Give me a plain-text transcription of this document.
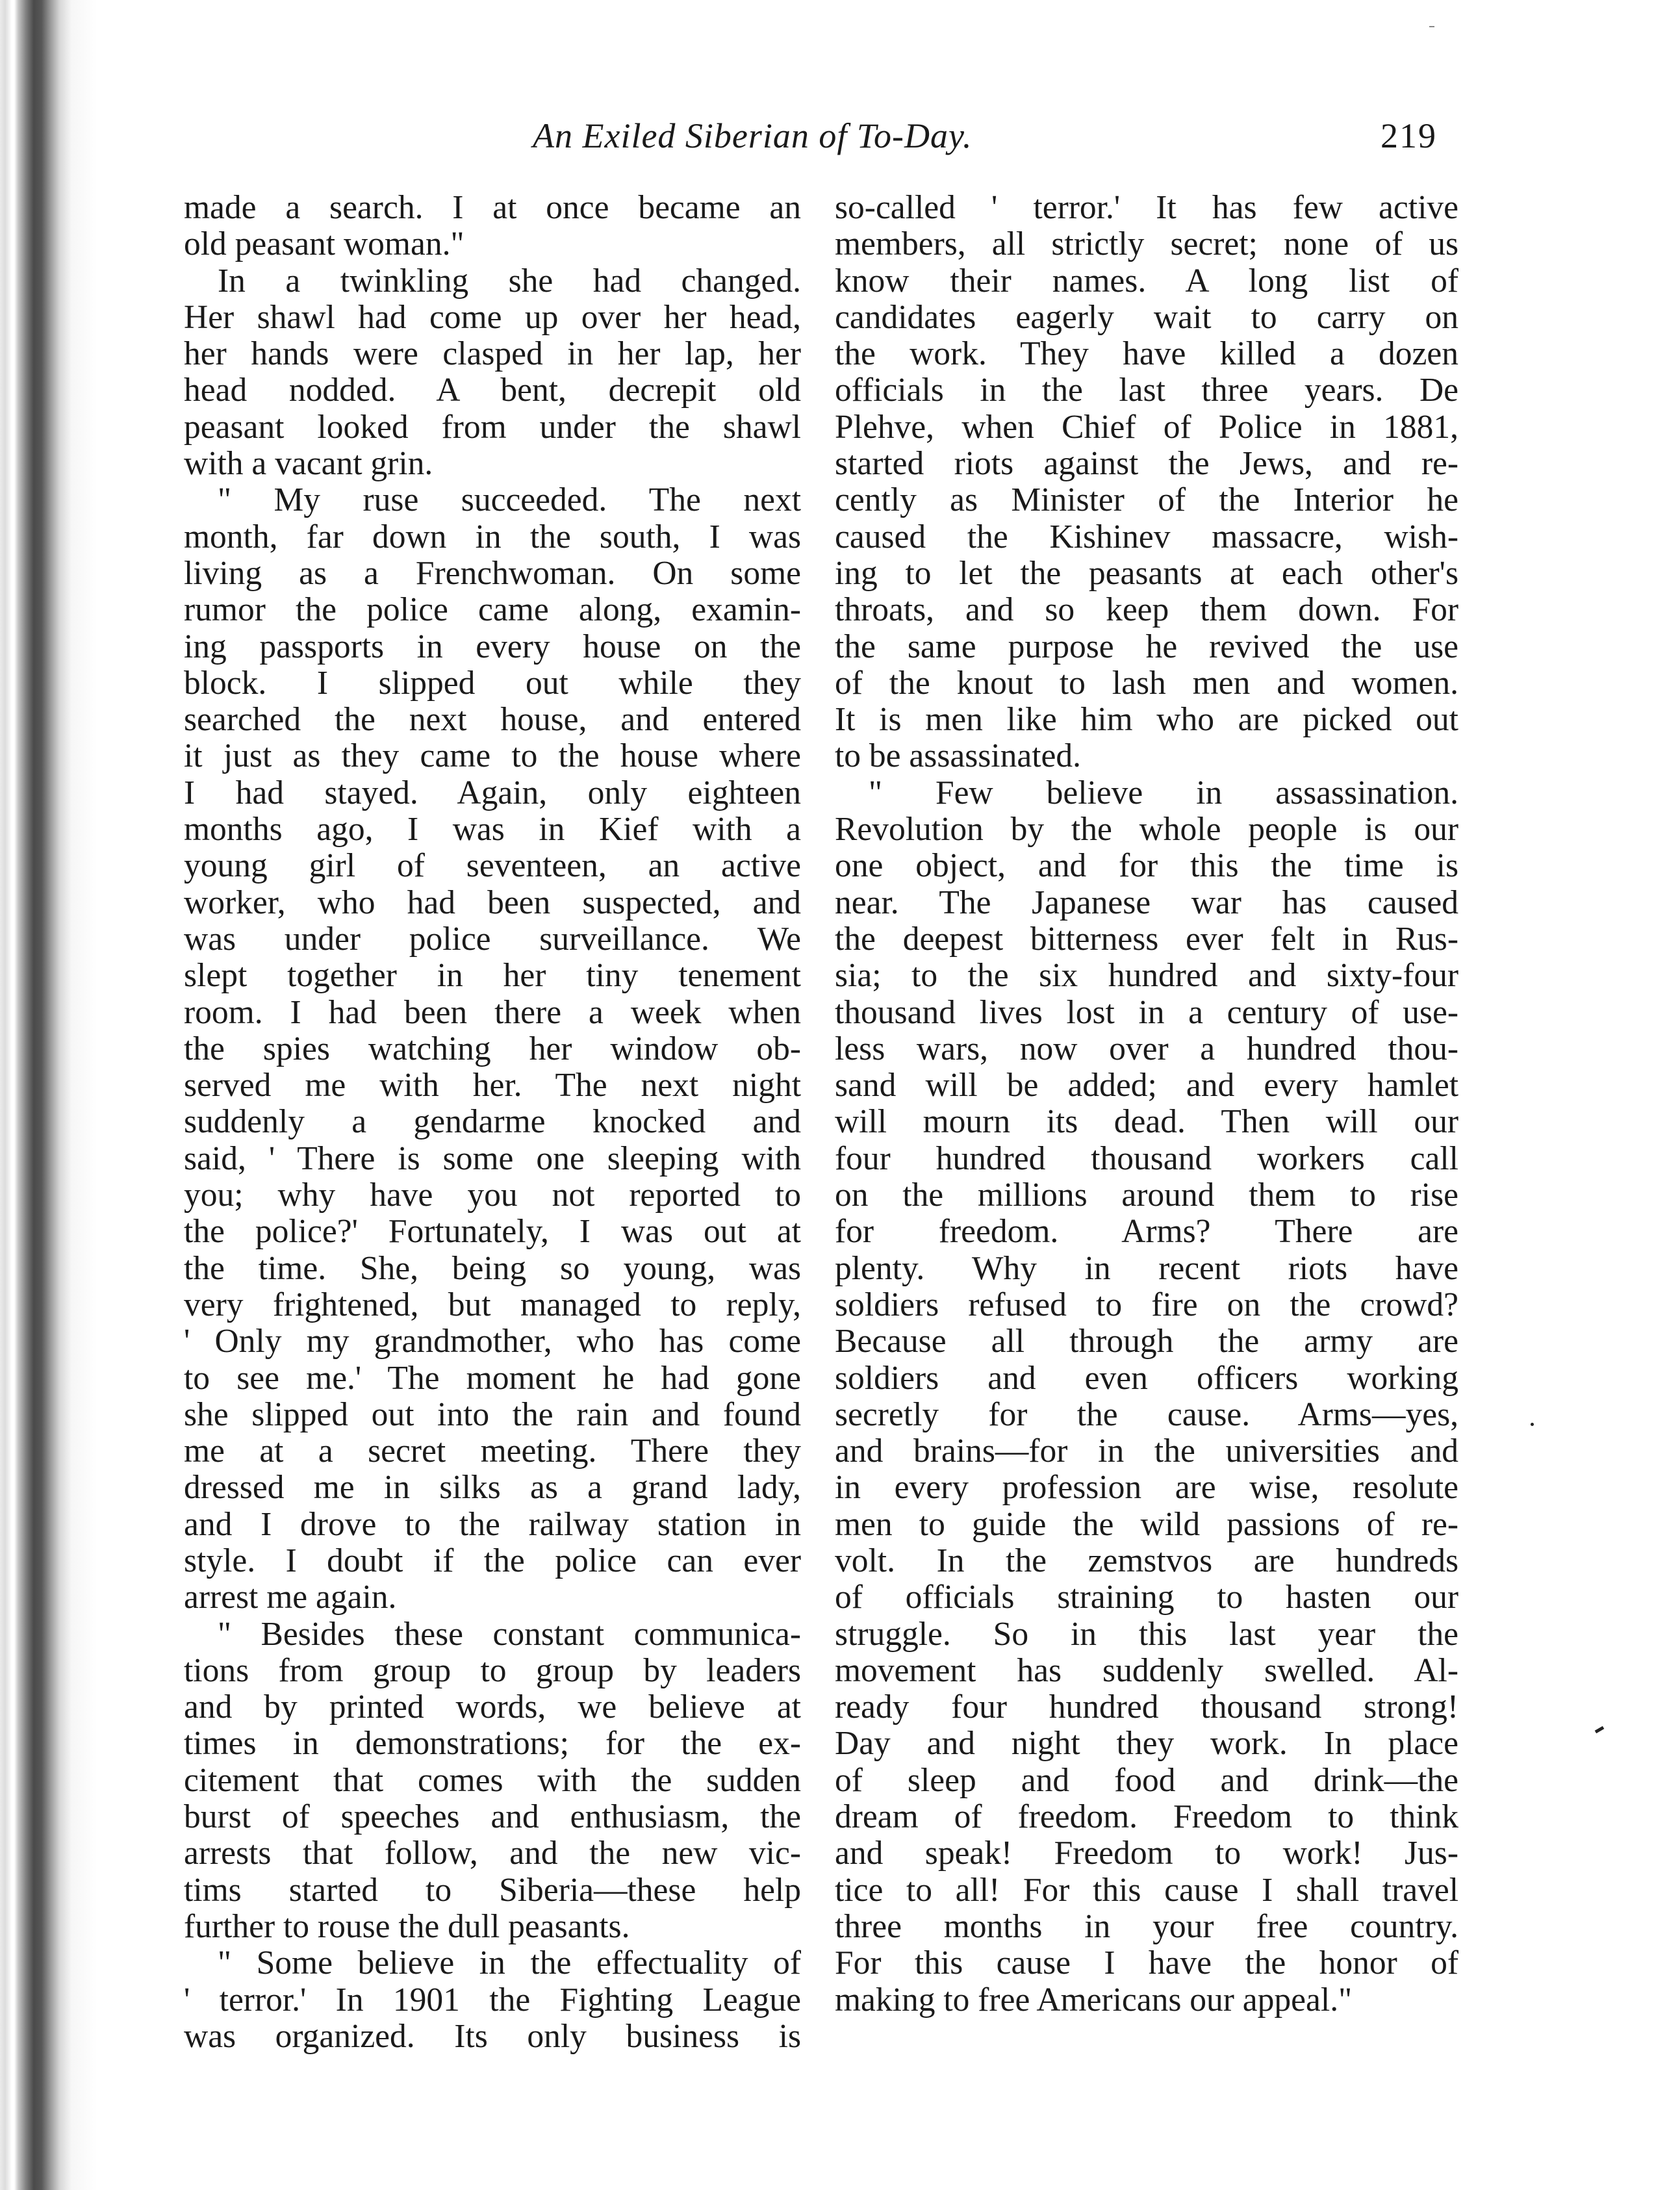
An Exiled Siberian of To-Day.	219
made a search. I at once became an
old peasant woman."
In a twinkling she had changed.
Her shawl had come up over her head,
her hands were clasped in her lap, her
head nodded. A bent, decrepit old
peasant looked from under the shawl
with a vacant grin.
" My ruse succeeded. The next
month, far down in the south, I was
living as a Frenchwoman. On some
rumor the police came along, examin-
ing passports in every house on the
block. I slipped out while they
searched the next house, and entered
it just as they came to the house where
I had stayed. Again, only eighteen
months ago, I was in Kief with a
young girl of seventeen, an active
worker, who had been suspected, and
was under police surveillance. We
slept together in her tiny tenement
room. I had been there a week when
the spies watching her window ob-
served me with her. The next night
suddenly a gendarme knocked and
said, ' There is some one sleeping with
you; why have you not reported to
the police?' Fortunately, I was out at
the time. She, being so young, was
very frightened, but managed to reply,
' Only my grandmother, who has come
to see me.' The moment he had gone
she slipped out into the rain and found
me at a secret meeting. There they
dressed me in silks as a grand lady,
and I drove to the railway station in
style. I doubt if the police can ever
arrest me again.
" Besides these constant communica-
tions from group to group by leaders
and by printed words, we believe at
times in demonstrations; for the ex-
citement that comes with the sudden
burst of speeches and enthusiasm, the
arrests that follow, and the new vic-
tims started to Siberia—these help
further to rouse the dull peasants.
" Some believe in the effectuality of
' terror.' In 1901 the Fighting League
was organized. Its only business is
so-called ' terror.' It has few active
members, all strictly secret; none of us
know their names. A long list of
candidates eagerly wait to carry on
the work. They have killed a dozen
officials in the last three years. De
Plehve, when Chief of Police in 1881,
started riots against the Jews, and re-
cently as Minister of the Interior he
caused the Kishinev massacre, wish-
ing to let the peasants at each other's
throats, and so keep them down. For
the same purpose he revived the use
of the knout to lash men and women.
It is men like him who are picked out
to be assassinated.
" Few believe in assassination.
Revolution by the whole people is our
one object, and for this the time is
near. The Japanese war has caused
the deepest bitterness ever felt in Rus-
sia; to the six hundred and sixty-four
thousand lives lost in a century of use-
less wars, now over a hundred thou-
sand will be added; and every hamlet
will mourn its dead. Then will our
four hundred thousand workers call
on the millions around them to rise
for freedom. Arms? There are
plenty. Why in recent riots have
soldiers refused to fire on the crowd?
Because all through the army are
soldiers and even officers working
secretly for the cause. Arms—yes,
and brains—for in the universities and
in every profession are wise, resolute
men to guide the wild passions of re-
volt. In the zemstvos are hundreds
of officials straining to hasten our
struggle. So in this last year the
movement has suddenly swelled. Al-
ready four hundred thousand strong!
Day and night they work. In place
of sleep and food and drink—the
dream of freedom. Freedom to think
and speak! Freedom to work! Jus-
tice to all! For this cause I shall travel
three months in your free country.
For this cause I have the honor of
making to free Americans our appeal."
